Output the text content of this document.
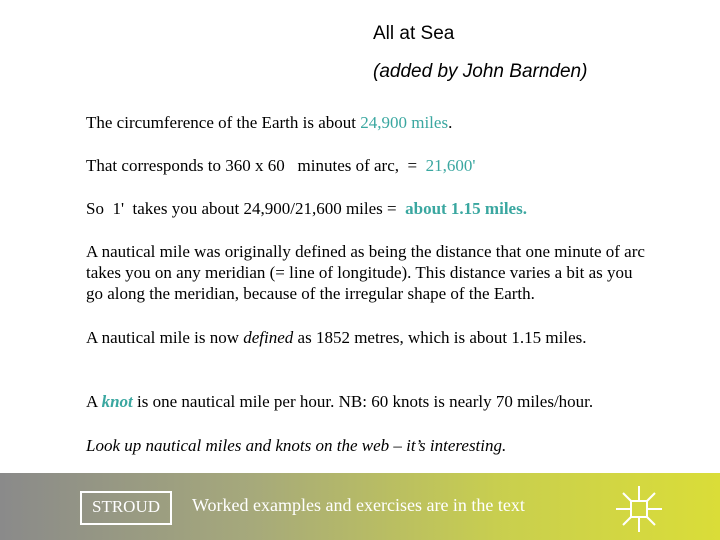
All at Sea
(added by John Barnden)
The circumference of the Earth is about 24,900 miles.
That corresponds to 360 x 60   minutes of arc,  =  21,600'
So  1'  takes you about 24,900/21,600 miles =  about 1.15 miles.
A nautical mile was originally defined as being the distance that one minute of arc takes you on any meridian (= line of longitude). This distance varies a bit as you go along the meridian, because of the irregular shape of the Earth.
A nautical mile is now defined as 1852 metres, which is about 1.15 miles.
A knot is one nautical mile per hour. NB: 60 knots is nearly 70 miles/hour.
Look up nautical miles and knots on the web – it’s interesting.
STROUD	Worked examples and exercises are in the text
